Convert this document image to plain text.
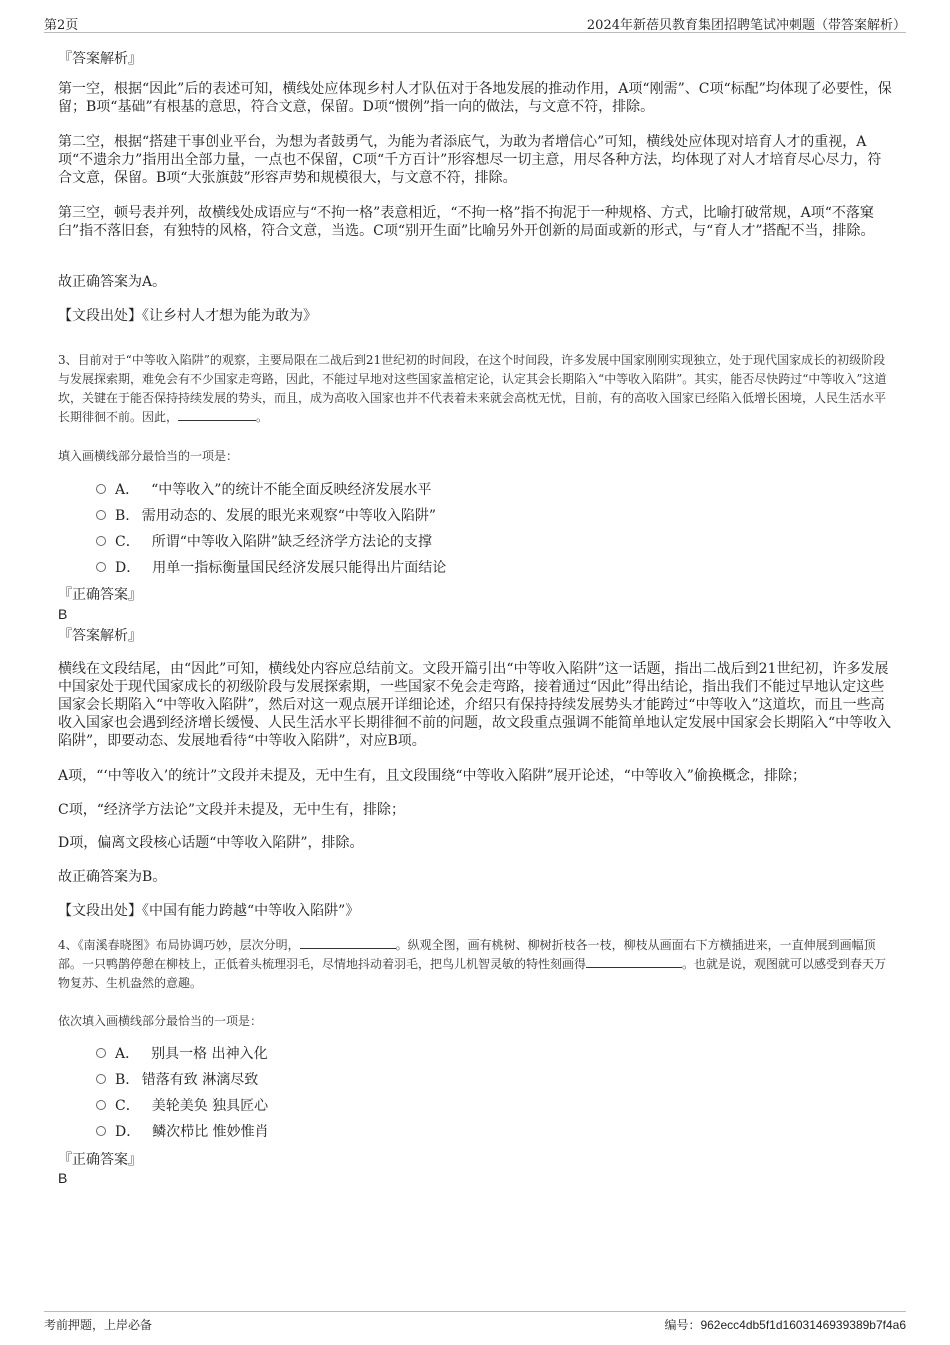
第2页	2024年新蓓贝教育集团招聘笔试冲刺题（带答案解析）
『答案解析』

第一空，根据“因此”后的表述可知，横线处应体现乡村人才队伍对于各地发展的推动作用，A项“刚需”、C项“标配”均体现了必要性，保留；B项“基础”有根基的意思，符合文意，保留。D项“惯例”指一向的做法，与文意不符，排除。

第二空，根据“搭建干事创业平台，为想为者鼓勇气，为能为者添底气，为敢为者增信心”可知，横线处应体现对培育人才的重视，A项“不遗余力”指用出全部力量，一点也不保留，C项“千方百计”形容想尽一切主意，用尽各种方法，均体现了对人才培育尽心尽力，符合文意，保留。B项“大张旗鼓”形容声势和规模很大，与文意不符，排除。

第三空，顿号表并列，故横线处成语应与“不拘一格”表意相近，“不拘一格”指不拘泥于一种规格、方式，比喻打破常规，A项“不落窠臼”指不落旧套，有独特的风格，符合文意，当选。C项“别开生面”比喻另外开创新的局面或新的形式，与“育人才”搭配不当，排除。

故正确答案为A。
【文段出处】《让乡村人才想为能为敢为》

3、目前对于“中等收入陷阱”的观察，主要局限在二战后到21世纪初的时间段，在这个时间段，许多发展中国家刚刚实现独立，处于现代国家成长的初级阶段与发展探索期，难免会有不少国家走弯路，因此，不能过早地对这些国家盖棺定论，认定其会长期陷入“中等收入陷阱”。其实，能否尽快跨过“中等收入”这道坎，关键在于能否保持持续发展的势头，而且，成为高收入国家也并不代表着未来就会高枕无忧，目前，有的高收入国家已经陷入低增长困境，人民生活水平长期徘徊不前。因此，	。

填入画横线部分最恰当的一项是：
A． “中等收入”的统计不能全面反映经济发展水平
B. 需用动态的、发展的眼光来观察“中等收入陷阱”
C． 所谓“中等收入陷阱”缺乏经济学方法论的支撑
D． 用单一指标衡量国民经济发展只能得出片面结论
『正确答案』
B
『答案解析』

横线在文段结尾，由“因此”可知，横线处内容应总结前文。文段开篇引出“中等收入陷阱”这一话题，指出二战后到21世纪初，许多发展中国家处于现代国家成长的初级阶段与发展探索期，一些国家不免会走弯路，接着通过“因此”得出结论，指出我们不能过早地认定这些国家会长期陷入“中等收入陷阱”，然后对这一观点展开详细论述，介绍只有保持持续发展势头才能跨过“中等收入”这道坎，而且一些高收入国家也会遇到经济增长缓慢、人民生活水平长期徘徊不前的问题，故文段重点强调不能简单地认定发展中国家会长期陷入“中等收入陷阱”，即要动态、发展地看待“中等收入陷阱”，对应B项。

A项，“‘中等收入’的统计”文段并未提及，无中生有，且文段围绕“中等收入陷阱”展开论述，“中等收入”偷换概念，排除；

C项，“经济学方法论”文段并未提及，无中生有，排除；

D项，偏离文段核心话题“中等收入陷阱”，排除。

故正确答案为B。
【文段出处】《中国有能力跨越“中等收入陷阱”》

4、《南溪春晓图》布局协调巧妙，层次分明，	。纵观全图，画有桃树、柳树折枝各一枝，柳枝从画面右下方横插进来，一直伸展到画幅顶部。一只鸭鹊停憩在柳枝上，正低着头梳理羽毛，尽情地抖动着羽毛，把鸟儿机智灵敏的特性刻画得	。也就是说，观图就可以感受到春天万物复苏、生机盎然的意趣。

依次填入画横线部分最恰当的一项是：
A． 别具一格 出神入化
B. 错落有致 淋漓尽致
C． 美轮美奂 独具匠心
D． 鳞次栉比 惟妙惟肖
『正确答案』
B
考前押题，上岸必备	编号：962ecc4db5f1d1603146939389b7f4a6
